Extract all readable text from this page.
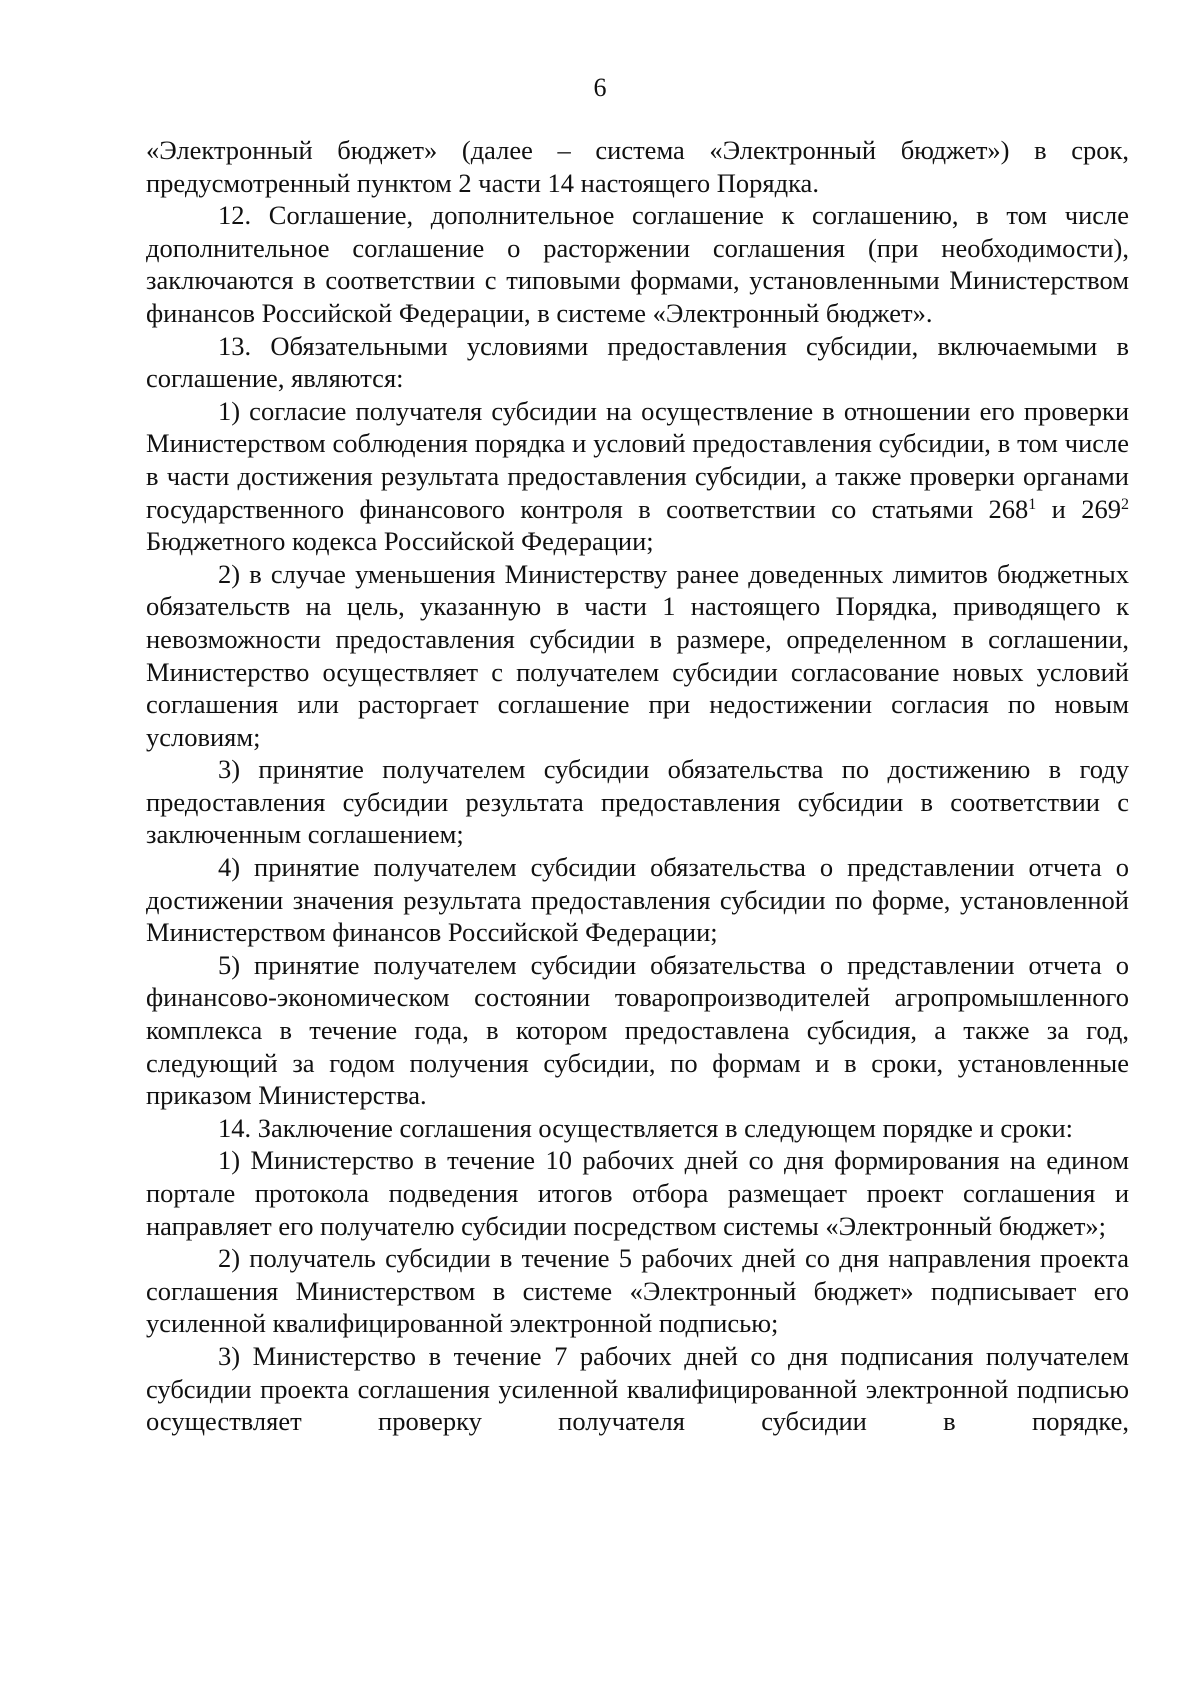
6

«Электронный бюджет» (далее – система «Электронный бюджет») в срок, предусмотренный пунктом 2 части 14 настоящего Порядка.

12. Соглашение, дополнительное соглашение к соглашению, в том числе дополнительное соглашение о расторжении соглашения (при необходимости), заключаются в соответствии с типовыми формами, установленными Министерством финансов Российской Федерации, в системе «Электронный бюджет».

13. Обязательными условиями предоставления субсидии, включаемыми в соглашение, являются:

1) согласие получателя субсидии на осуществление в отношении его проверки Министерством соблюдения порядка и условий предоставления субсидии, в том числе в части достижения результата предоставления субсидии, а также проверки органами государственного финансового контроля в соответствии со статьями $268^1$ и $269^2$ Бюджетного кодекса Российской Федерации;

2) в случае уменьшения Министерству ранее доведенных лимитов бюджетных обязательств на цель, указанную в части 1 настоящего Порядка, приводящего к невозможности предоставления субсидии в размере, определенном в соглашении, Министерство осуществляет с получателем субсидии согласование новых условий соглашения или расторгает соглашение при недостижении согласия по новым условиям;

3) принятие получателем субсидии обязательства по достижению в году предоставления субсидии результата предоставления субсидии в соответствии с заключенным соглашением;

4) принятие получателем субсидии обязательства о представлении отчета о достижении значения результата предоставления субсидии по форме, установленной Министерством финансов Российской Федерации;

5) принятие получателем субсидии обязательства о представлении отчета о финансово-экономическом состоянии товаропроизводителей агропромышленного комплекса в течение года, в котором предоставлена субсидия, а также за год, следующий за годом получения субсидии, по формам и в сроки, установленные приказом Министерства.

14. Заключение соглашения осуществляется в следующем порядке и сроки:

1) Министерство в течение 10 рабочих дней со дня формирования на едином портале протокола подведения итогов отбора размещает проект соглашения и направляет его получателю субсидии посредством системы «Электронный бюджет»;

2) получатель субсидии в течение 5 рабочих дней со дня направления проекта соглашения Министерством в системе «Электронный бюджет» подписывает его усиленной квалифицированной электронной подписью;

3) Министерство в течение 7 рабочих дней со дня подписания получателем субсидии проекта соглашения усиленной квалифицированной электронной подписью осуществляет проверку получателя субсидии в порядке,
